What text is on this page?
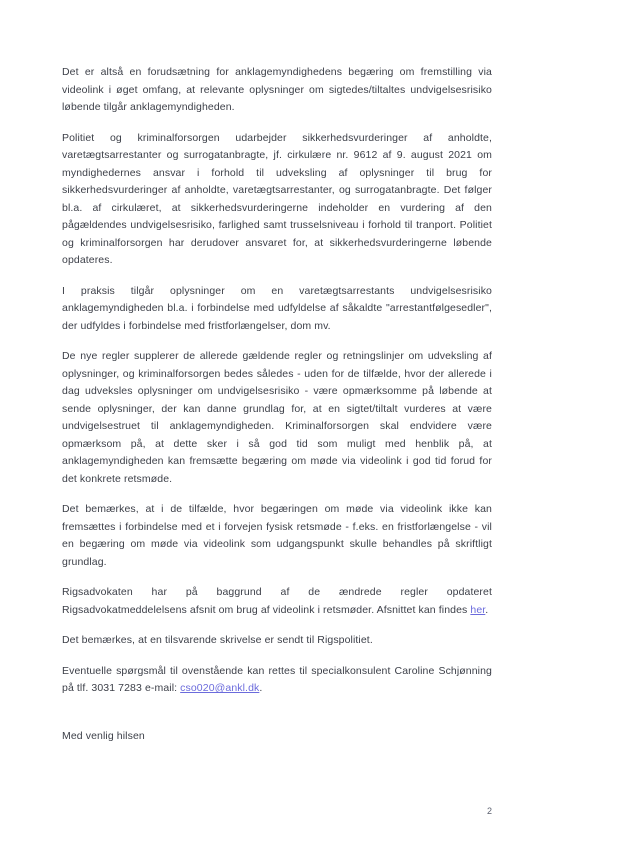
Det er altså en forudsætning for anklagemyndighedens begæring om fremstilling via videolink i øget omfang, at relevante oplysninger om sigtedes/tiltaltes undvigelsesrisiko løbende tilgår anklagemyndigheden.

Politiet og kriminalforsorgen udarbejder sikkerhedsvurderinger af anholdte, varetægtsarrestanter og surrogatanbragte, jf. cirkulære nr. 9612 af 9. august 2021 om myndighedernes ansvar i forhold til udveksling af oplysninger til brug for sikkerhedsvurderinger af anholdte, varetægtsarrestanter, og surrogatanbragte. Det følger bl.a. af cirkulæret, at sikkerhedsvurderingerne indeholder en vurdering af den pågældendes undvigelsesrisiko, farlighed samt trusselsniveau i forhold til tranport. Politiet og kriminalforsorgen har derudover ansvaret for, at sikkerhedsvurderingerne løbende opdateres.

I praksis tilgår oplysninger om en varetægtsarrestants undvigelsesrisiko anklagemyndigheden bl.a. i forbindelse med udfyldelse af såkaldte "arrestantfølgesedler", der udfyldes i forbindelse med fristforlængelser, dom mv.

De nye regler supplerer de allerede gældende regler og retningslinjer om udveksling af oplysninger, og kriminalforsorgen bedes således - uden for de tilfælde, hvor der allerede i dag udveksles oplysninger om undvigelsesrisiko - være opmærksomme på løbende at sende oplysninger, der kan danne grundlag for, at en sigtet/tiltalt vurderes at være undvigelsestruet til anklagemyndigheden. Kriminalforsorgen skal endvidere være opmærksom på, at dette sker i så god tid som muligt med henblik på, at anklagemyndigheden kan fremsætte begæring om møde via videolink i god tid forud for det konkrete retsmøde.

Det bemærkes, at i de tilfælde, hvor begæringen om møde via videolink ikke kan fremsættes i forbindelse med et i forvejen fysisk retsmøde - f.eks. en fristforlængelse - vil en begæring om møde via videolink som udgangspunkt skulle behandles på skriftligt grundlag.

Rigsadvokaten har på baggrund af de ændrede regler opdateret Rigsadvokatmeddelelsens afsnit om brug af videolink i retsmøder. Afsnittet kan findes her.

Det bemærkes, at en tilsvarende skrivelse er sendt til Rigspolitiet.

Eventuelle spørgsmål til ovenstående kan rettes til specialkonsulent Caroline Schjønning på tlf. 3031 7283 e-mail: cso020@ankl.dk.

Med venlig hilsen

2
